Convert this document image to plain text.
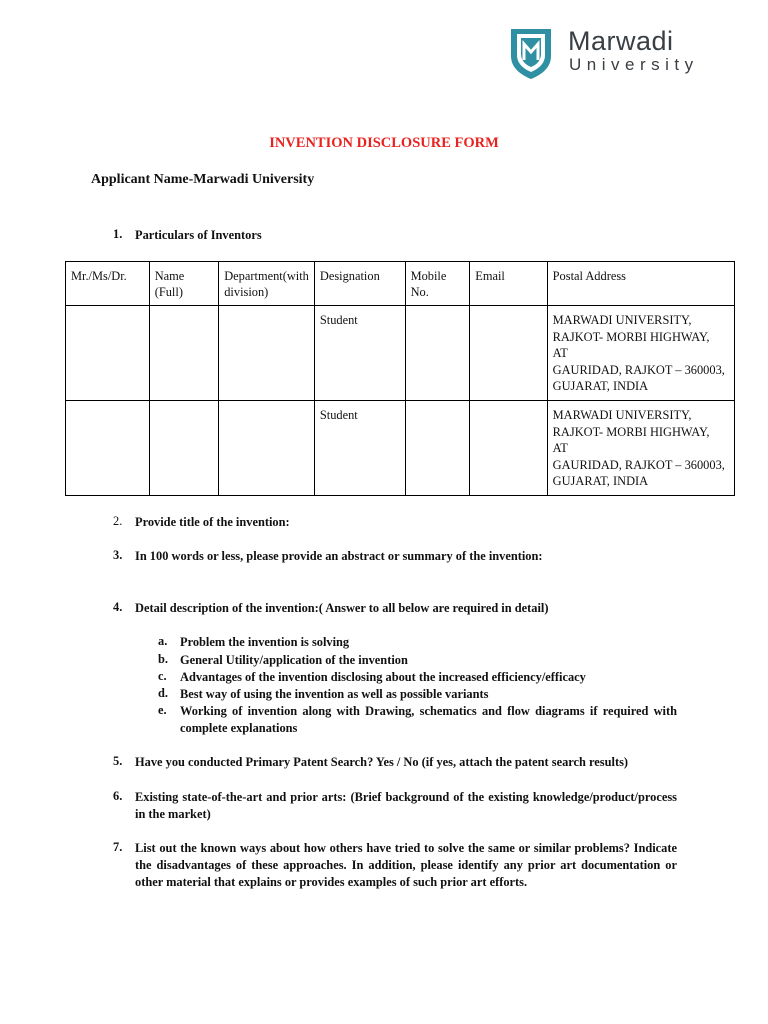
Marwadi
University
INVENTION DISCLOSURE FORM
Applicant Name-Marwadi University
1. Particulars of Inventors
Mr./Ms/Dr.	Name (Full)	Department(with division)	Designation	Mobile No.	Email	Postal Address
			Student			MARWADI UNIVERSITY,
RAJKOT- MORBI HIGHWAY,
AT
GAURIDAD, RAJKOT – 360003,
GUJARAT, INDIA

			Student			MARWADI UNIVERSITY,
RAJKOT- MORBI HIGHWAY,
AT
GAURIDAD, RAJKOT – 360003,
GUJARAT, INDIA
2. Provide title of the invention:
3. In 100 words or less, please provide an abstract or summary of the invention:
4. Detail description of the invention:( Answer to all below are required in detail)
a. Problem the invention is solving
b. General Utility/application of the invention
c. Advantages of the invention disclosing about the increased efficiency/efficacy
d. Best way of using the invention as well as possible variants
e. Working of invention along with Drawing, schematics and flow diagrams if required with complete explanations
5. Have you conducted Primary Patent Search? Yes / No (if yes, attach the patent search results)
6. Existing state-of-the-art and prior arts: (Brief background of the existing knowledge/product/process in the market)
7. List out the known ways about how others have tried to solve the same or similar problems? Indicate the disadvantages of these approaches. In addition, please identify any prior art documentation or other material that explains or provides examples of such prior art efforts.
